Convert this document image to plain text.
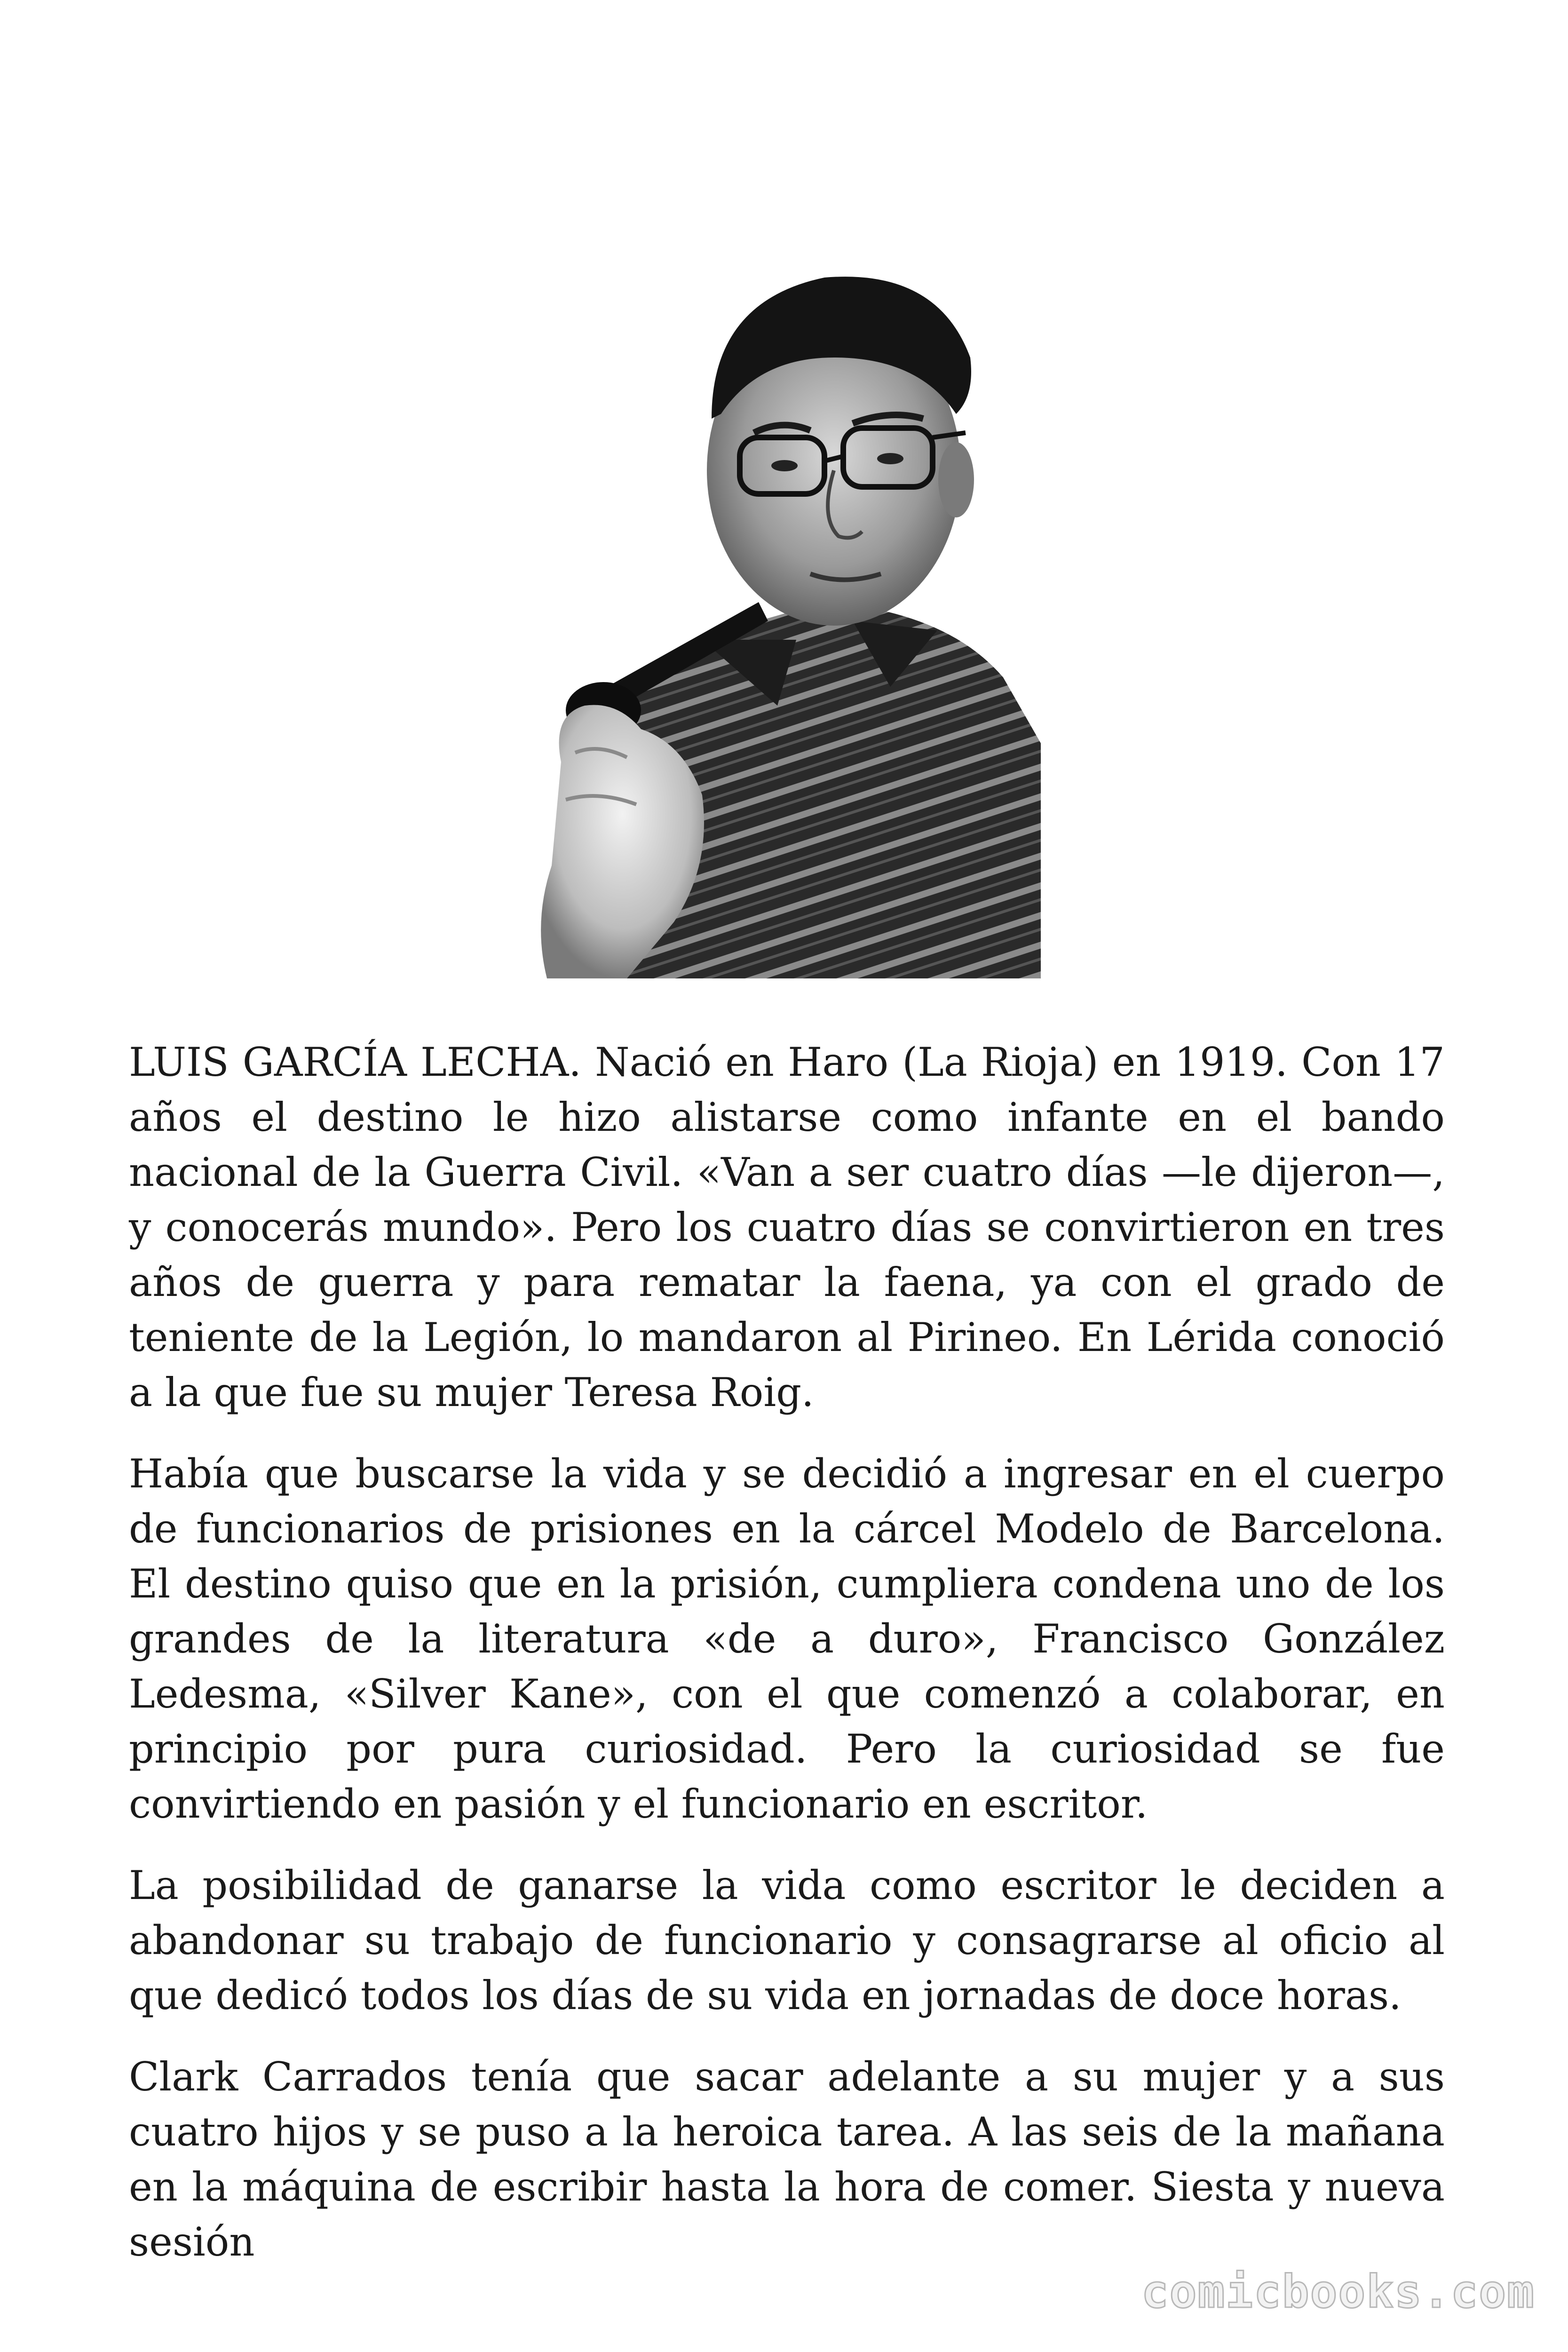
LUIS GARCÍA LECHA. Nació en Haro (La Rioja) en 1919. Con 17 años el destino le hizo alistarse como infante en el bando nacional de la Guerra Civil. «Van a ser cuatro días —le dijeron—, y conocerás mundo». Pero los cuatro días se convirtieron en tres años de guerra y para rematar la faena, ya con el grado de teniente de la Legión, lo mandaron al Pirineo. En Lérida conoció a la que fue su mujer Teresa Roig.

Había que buscarse la vida y se decidió a ingresar en el cuerpo de funcionarios de prisiones en la cárcel Modelo de Barcelona. El destino quiso que en la prisión, cumpliera condena uno de los grandes de la literatura «de a duro», Francisco González Ledesma, «Silver Kane», con el que comenzó a colaborar, en principio por pura curiosidad. Pero la curiosidad se fue convirtiendo en pasión y el funcionario en escritor.

La posibilidad de ganarse la vida como escritor le deciden a abandonar su trabajo de funcionario y consagrarse al oficio al que dedicó todos los días de su vida en jornadas de doce horas.

Clark Carrados tenía que sacar adelante a su mujer y a sus cuatro hijos y se puso a la heroica tarea. A las seis de la mañana en la máquina de escribir hasta la hora de comer. Siesta y nueva sesión

comicbooks.com
